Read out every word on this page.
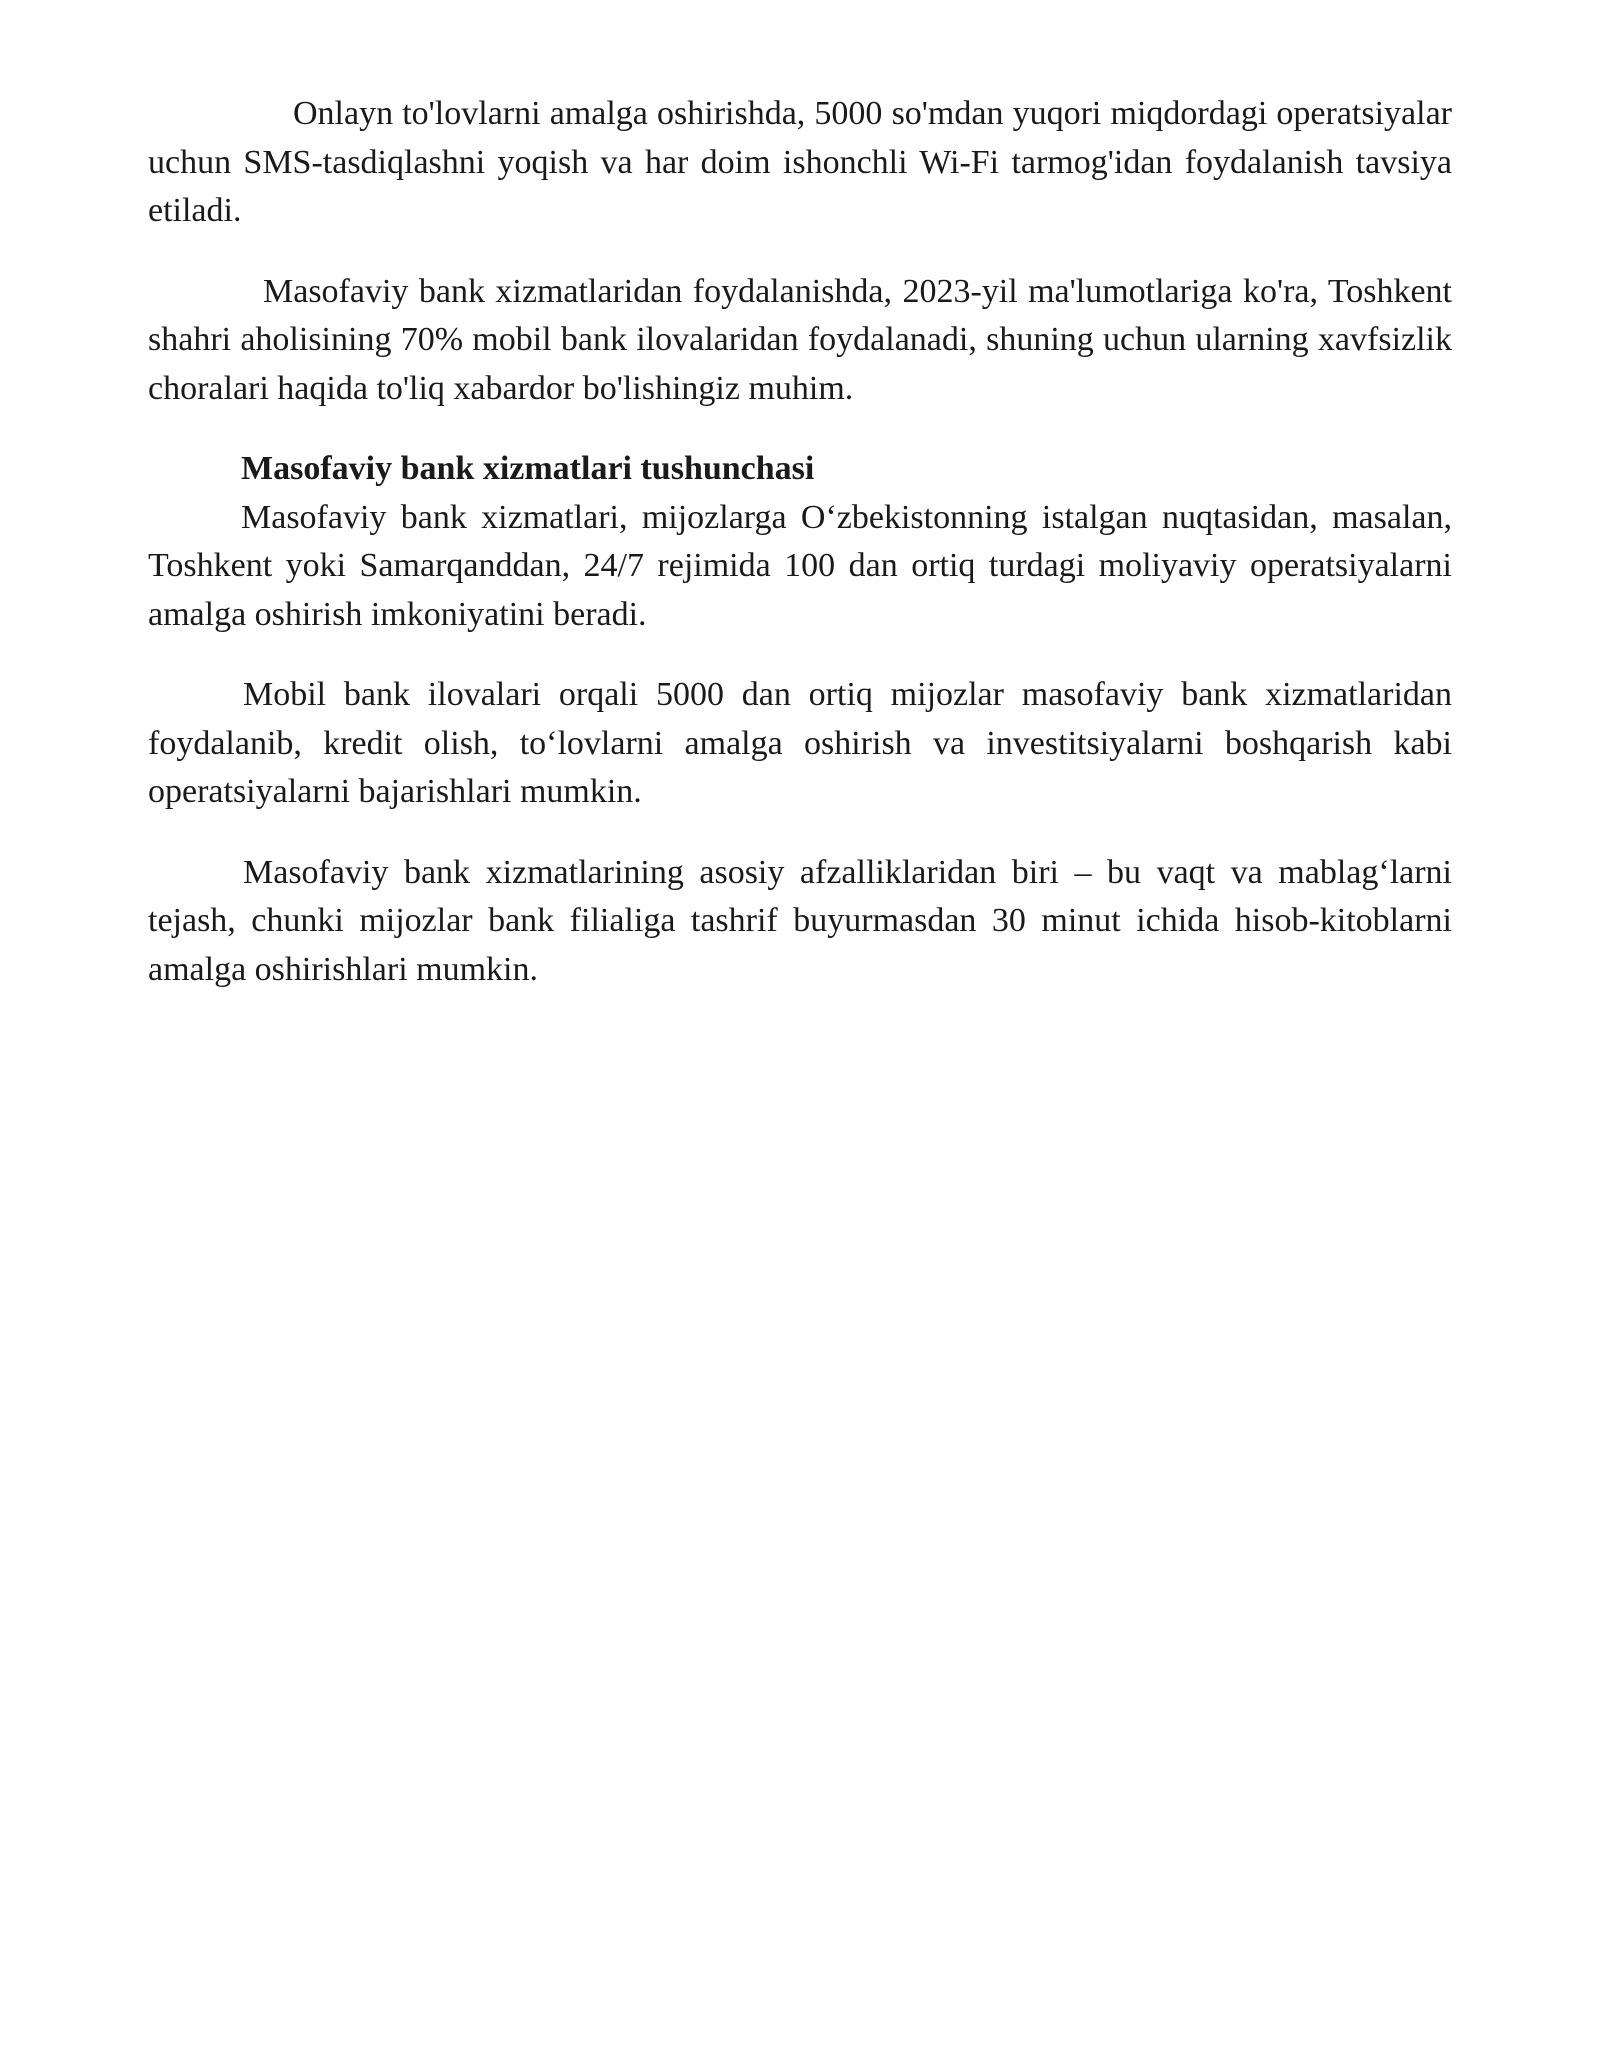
Onlayn to'lovlarni amalga oshirishda, 5000 so'mdan yuqori miqdordagi operatsiyalar uchun SMS-tasdiqlashni yoqish va har doim ishonchli Wi-Fi tarmog'idan foydalanish tavsiya etiladi.

Masofaviy bank xizmatlaridan foydalanishda, 2023-yil ma'lumotlariga ko'ra, Toshkent shahri aholisining 70% mobil bank ilovalaridan foydalanadi, shuning uchun ularning xavfsizlik choralari haqida to'liq xabardor bo'lishingiz muhim.

Masofaviy bank xizmatlari tushunchasi

Masofaviy bank xizmatlari, mijozlarga O‘zbekistonning istalgan nuqtasidan, masalan, Toshkent yoki Samarqanddan, 24/7 rejimida 100 dan ortiq turdagi moliyaviy operatsiyalarni amalga oshirish imkoniyatini beradi.

Mobil bank ilovalari orqali 5000 dan ortiq mijozlar masofaviy bank xizmatlaridan foydalanib, kredit olish, to‘lovlarni amalga oshirish va investitsiyalarni boshqarish kabi operatsiyalarni bajarishlari mumkin.

Masofaviy bank xizmatlarining asosiy afzalliklaridan biri – bu vaqt va mablag‘larni tejash, chunki mijozlar bank filialiga tashrif buyurmasdan 30 minut ichida hisob-kitoblarni amalga oshirishlari mumkin.
